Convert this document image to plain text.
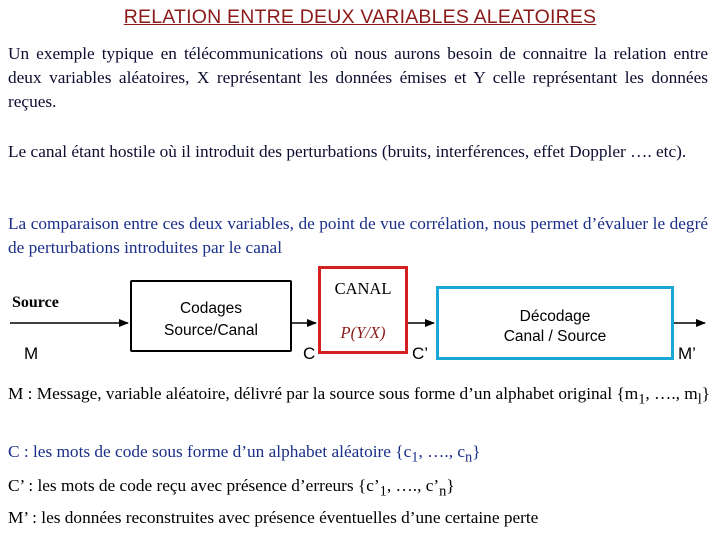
RELATION ENTRE DEUX VARIABLES ALEATOIRES
Un exemple typique en télécommunications où nous aurons besoin de connaitre la relation entre deux variables aléatoires, X représentant les données émises et Y celle représentant les données reçues.
Le canal étant hostile où il introduit des perturbations (bruits, interférences, effet Doppler …. etc).
La comparaison entre ces deux variables, de point de vue corrélation, nous permet d’évaluer le degré de perturbations introduites par le canal
Source
M
Codages
Source/Canal
C
CANAL
P(Y/X)
C’
Décodage
Canal / Source
M’
M : Message, variable aléatoire, délivré par la source sous forme d’un alphabet original {$m_1$, …., $m_l$}
C : les mots de code sous forme d’un alphabet aléatoire {$c_1$, …., $c_n$}
C’ : les mots de code reçu avec présence d’erreurs {$c’_1$, …., $c’_n$}
M’ : les données reconstruites avec présence éventuelles d’une certaine perte
